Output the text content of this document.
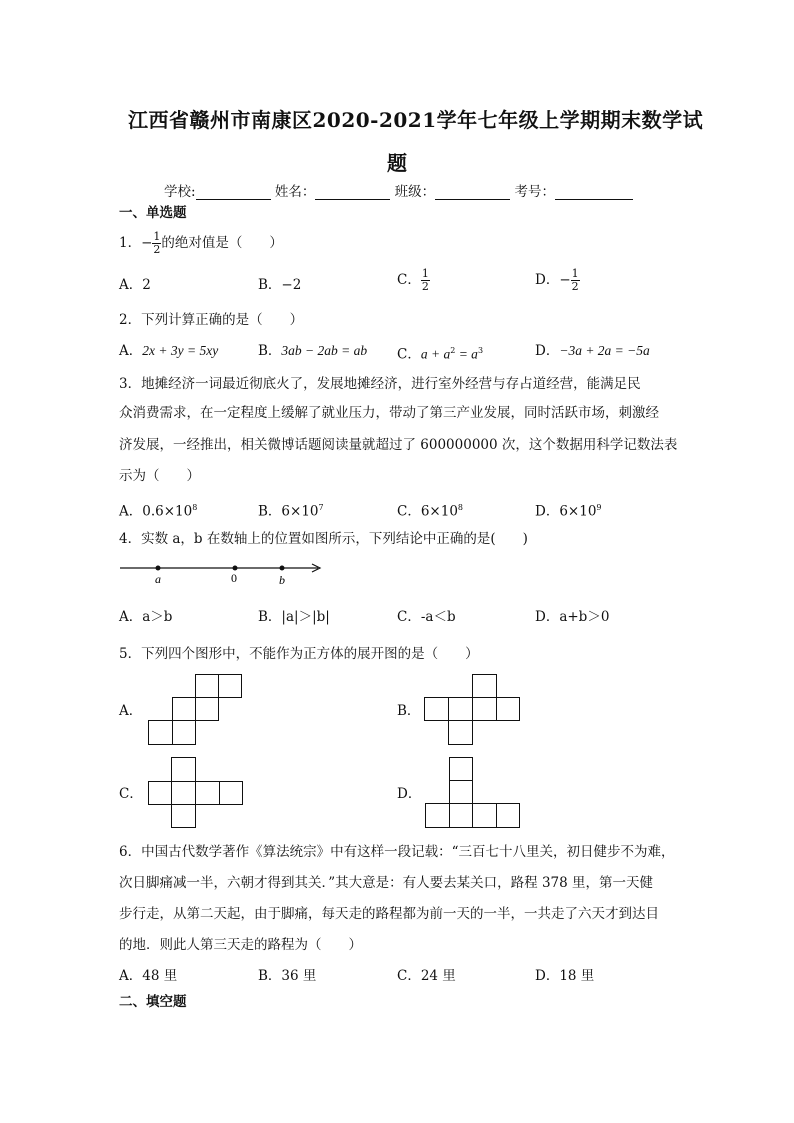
江西省赣州市南康区2020-2021学年七年级上学期期末数学试
题
学校:	姓名：	班级：	考号：
一、单选题
1．− $\frac{1}{2}$ 的绝对值是（　　）
A．2	B．−2	C． $\frac{1}{2}$	D．− $\frac{1}{2}$
2．下列计算正确的是（　　）
A．2x + 3y = 5xy	B．3ab − 2ab = ab C．$a + a^2 = a^3$	D．−3a + 2a = −5a
3．地摊经济一词最近彻底火了，发展地摊经济，进行室外经营与存占道经营，能满足民
众消费需求，在一定程度上缓解了就业压力，带动了第三产业发展，同时活跃市场，刺激经
济发展，一经推出，相关微博话题阅读量就超过了 600000000 次，这个数据用科学记数法表
示为（　　）
A．$0.6\times 10^8$	B．$6\times 10^7$	C．$6\times 10^8$	D．$6\times 10^9$
4．实数 a，b 在数轴上的位置如图所示，下列结论中正确的是(　　)
a	0	b
A．a＞b	B．|a|＞|b|	C．-a＜b	D．a+b＞0
5．下列四个图形中，不能作为正方体的展开图的是（　　）
A．	B．
C．	D．
6．中国古代数学著作《算法统宗》中有这样一段记载：“三百七十八里关，初日健步不为难，
次日脚痛减一半，六朝才得到其关．”其大意是：有人要去某关口，路程 378 里，第一天健
步行走，从第二天起，由于脚痛，每天走的路程都为前一天的一半，一共走了六天才到达目
的地．则此人第三天走的路程为（　　）
A．48 里	B．36 里	C．24 里	D．18 里
二、填空题
